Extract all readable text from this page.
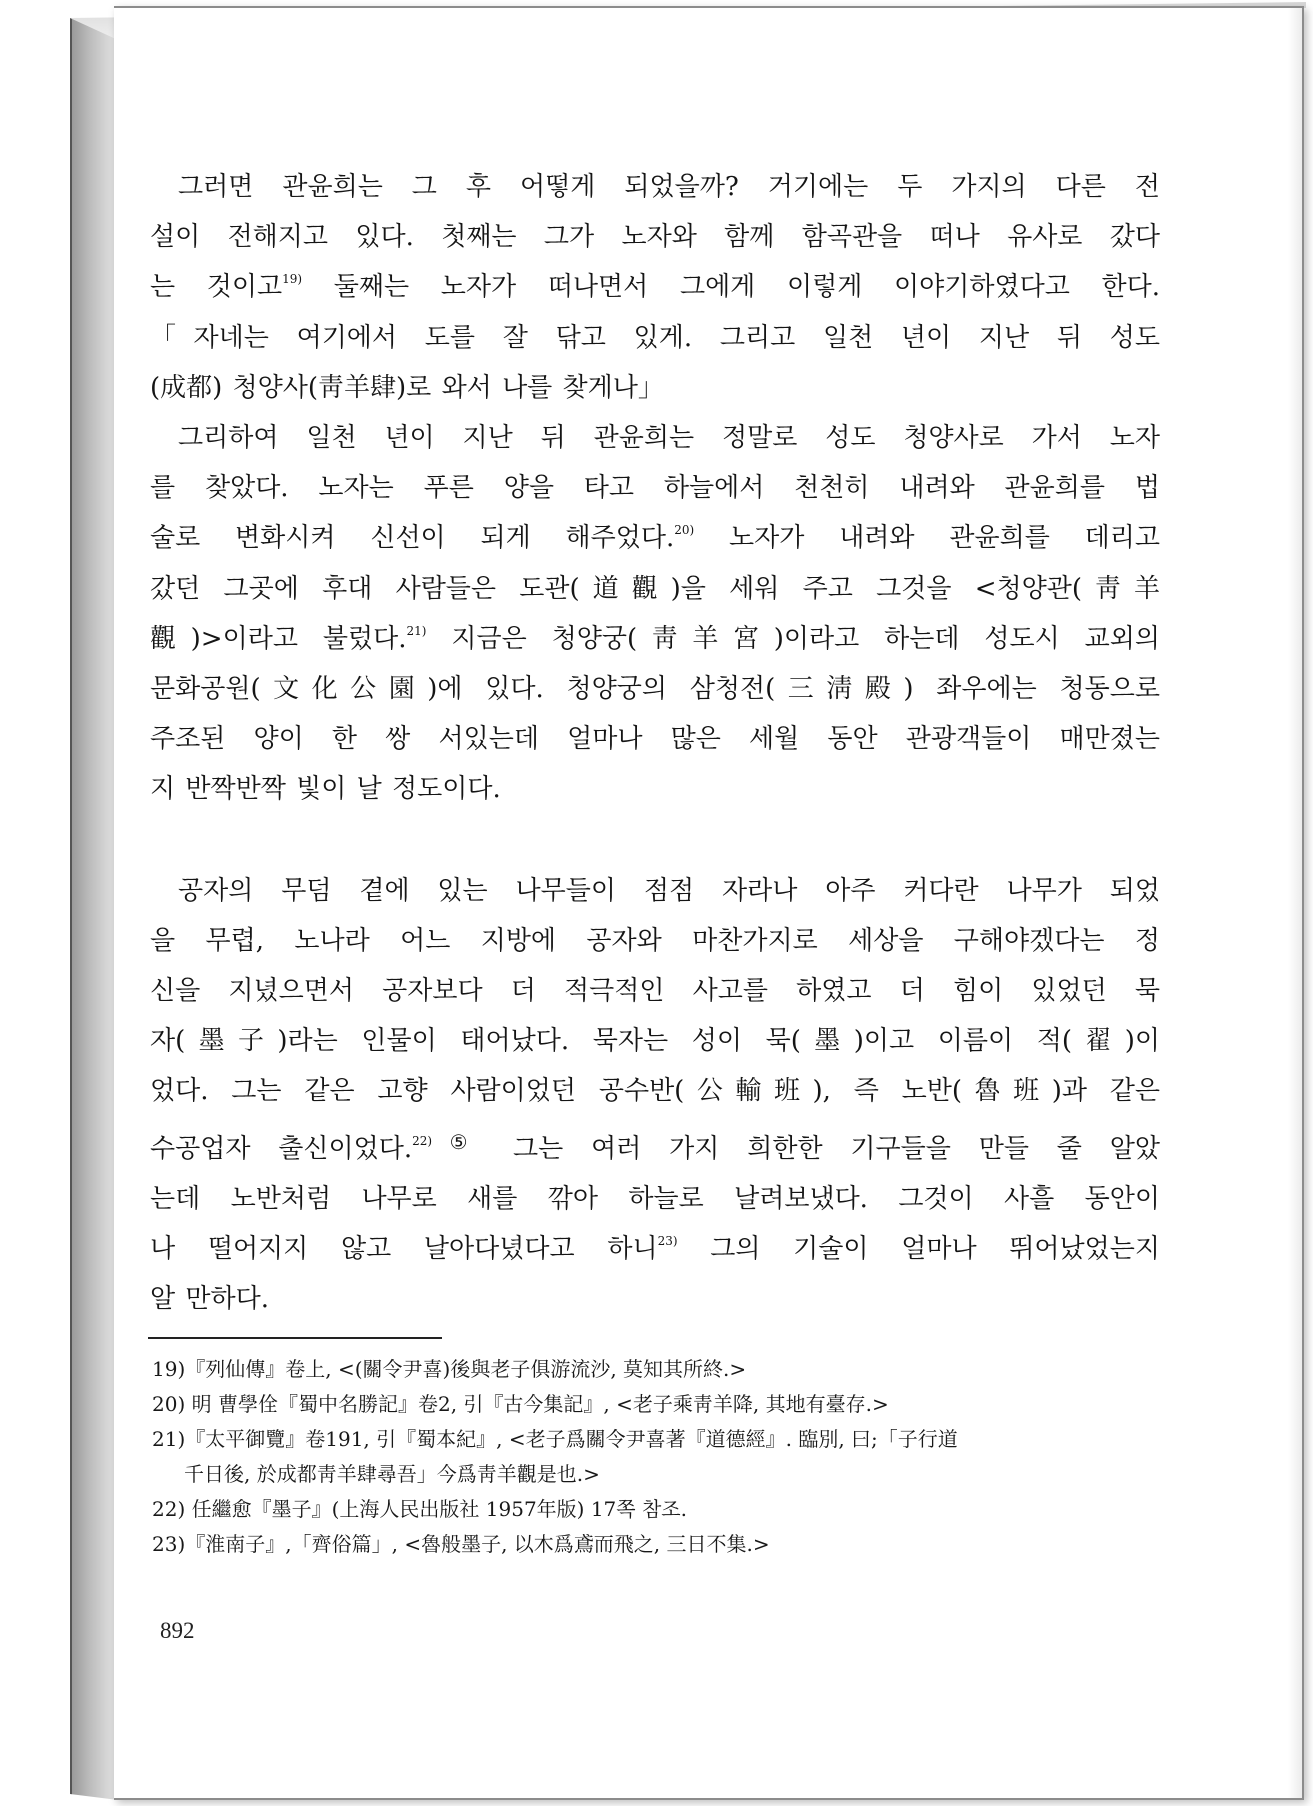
그러면 관윤희는 그 후 어떻게 되었을까? 거기에는 두 가지의 다른 전
설이 전해지고 있다. 첫째는 그가 노자와 함께 함곡관을 떠나 유사로 갔다
는 것이고$^{19)}$ 둘째는 노자가 떠나면서 그에게 이렇게 이야기하였다고 한다.
「자네는 여기에서 도를 잘 닦고 있게. 그리고 일천 년이 지난 뒤 성도
(成都) 청양사(靑羊肆)로 와서 나를 찾게나」
그리하여 일천 년이 지난 뒤 관윤희는 정말로 성도 청양사로 가서 노자
를 찾았다. 노자는 푸른 양을 타고 하늘에서 천천히 내려와 관윤희를 법
술로 변화시켜 신선이 되게 해주었다.$^{20)}$ 노자가 내려와 관윤희를 데리고
갔던 그곳에 후대 사람들은 도관(道觀)을 세워 주고 그것을 <청양관(靑羊
觀)>이라고 불렀다.$^{21)}$ 지금은 청양궁(靑羊宮)이라고 하는데 성도시 교외의
문화공원(文化公園)에 있다. 청양궁의 삼청전(三淸殿) 좌우에는 청동으로
주조된 양이 한 쌍 서있는데 얼마나 많은 세월 동안 관광객들이 매만졌는
지 반짝반짝 빛이 날 정도이다.
공자의 무덤 곁에 있는 나무들이 점점 자라나 아주 커다란 나무가 되었
을 무렵, 노나라 어느 지방에 공자와 마찬가지로 세상을 구해야겠다는 정
신을 지녔으면서 공자보다 더 적극적인 사고를 하였고 더 힘이 있었던 묵
자(墨子)라는 인물이 태어났다. 묵자는 성이 묵(墨)이고 이름이 적(翟)이
었다. 그는 같은 고향 사람이었던 공수반(公輸班), 즉 노반(魯班)과 같은
수공업자 출신이었다.$^{22)⑤}$ 그는 여러 가지 희한한 기구들을 만들 줄 알았
는데 노반처럼 나무로 새를 깎아 하늘로 날려보냈다. 그것이 사흘 동안이
나 떨어지지 않고 날아다녔다고 하니$^{23)}$ 그의 기술이 얼마나 뛰어났었는지
알 만하다.
19)『列仙傳』卷上, <(關令尹喜)後與老子俱游流沙, 莫知其所終.>
20) 明 曹學佺『蜀中名勝記』卷2, 引『古今集記』, <老子乘靑羊降, 其地有臺存.>
21)『太平御覽』卷191, 引『蜀本紀』, <老子爲關令尹喜著『道德經』. 臨別, 曰;「子行道
千日後, 於成都靑羊肆尋吾」今爲靑羊觀是也.>
22) 任繼愈『墨子』(上海人民出版社 1957年版) 17쪽 참조.
23)『淮南子』,「齊俗篇」, <魯般墨子, 以木爲鳶而飛之, 三日不集.>
892
